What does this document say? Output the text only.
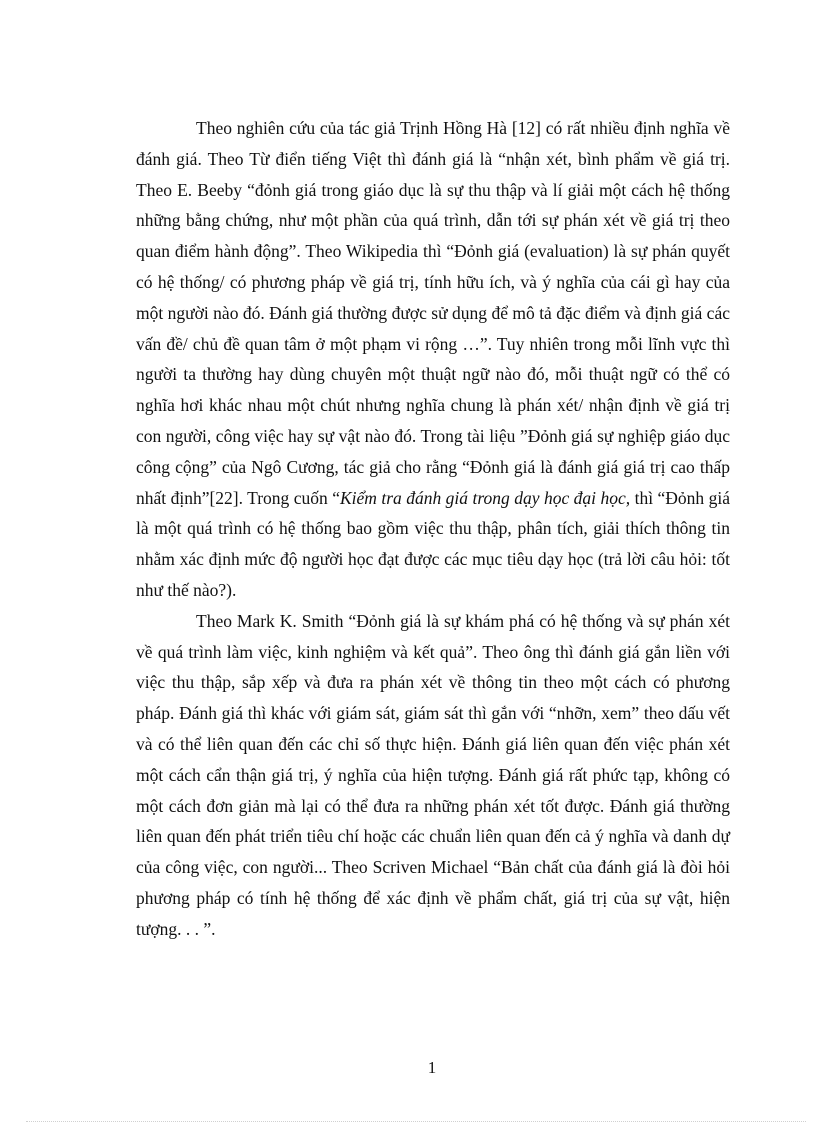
Theo nghiên cứu của tác giả Trịnh Hồng Hà [12] có rất nhiều định nghĩa về đánh giá. Theo Từ điển tiếng Việt thì đánh giá là “nhận xét, bình phẩm về giá trị. Theo E. Beeby “đỏnh giá trong giáo dục là sự thu thập và lí giải một cách hệ thống những bằng chứng, như một phần của quá trình, dẫn tới sự phán xét về giá trị theo quan điểm hành động”. Theo Wikipedia thì “Đỏnh giá (evaluation) là sự phán quyết có hệ thống/ có phương pháp về giá trị, tính hữu ích, và ý nghĩa của cái gì hay của một người nào đó. Đánh giá thường được sử dụng để mô tả đặc điểm và định giá các vấn đề/ chủ đề quan tâm ở một phạm vi rộng …”. Tuy nhiên trong mỗi lĩnh vực thì người ta thường hay dùng chuyên một thuật ngữ nào đó, mỗi thuật ngữ có thể có nghĩa hơi khác nhau một chút nhưng nghĩa chung là phán xét/ nhận định về giá trị con người, công việc hay sự vật nào đó. Trong tài liệu ”Đỏnh giá sự nghiệp giáo dục công cộng” của Ngô Cương, tác giả cho rằng “Đỏnh giá là đánh giá giá trị cao thấp nhất định”[22]. Trong cuốn “Kiểm tra đánh giá trong dạy học đại học, thì “Đỏnh giá là một quá trình có hệ thống bao gồm việc thu thập, phân tích, giải thích thông tin nhằm xác định mức độ người học đạt được các mục tiêu dạy học (trả lời câu hỏi: tốt như thế nào?).

Theo Mark K. Smith “Đỏnh giá là sự khám phá có hệ thống và sự phán xét về quá trình làm việc, kinh nghiệm và kết quả”. Theo ông thì đánh giá gắn liền với việc thu thập, sắp xếp và đưa ra phán xét về thông tin theo một cách có phương pháp. Đánh giá thì khác với giám sát, giám sát thì gắn với “nhỡn, xem” theo dấu vết và có thể liên quan đến các chỉ số thực hiện. Đánh giá liên quan đến việc phán xét một cách cẩn thận giá trị, ý nghĩa của hiện tượng. Đánh giá rất phức tạp, không có một cách đơn giản mà lại có thể đưa ra những phán xét tốt được. Đánh giá thường liên quan đến phát triển tiêu chí hoặc các chuẩn liên quan đến cả ý nghĩa và danh dự của công việc, con người... Theo Scriven Michael “Bản chất của đánh giá là đòi hỏi phương pháp có tính hệ thống để xác định về phẩm chất, giá trị của sự vật, hiện tượng. . . ”.

1
